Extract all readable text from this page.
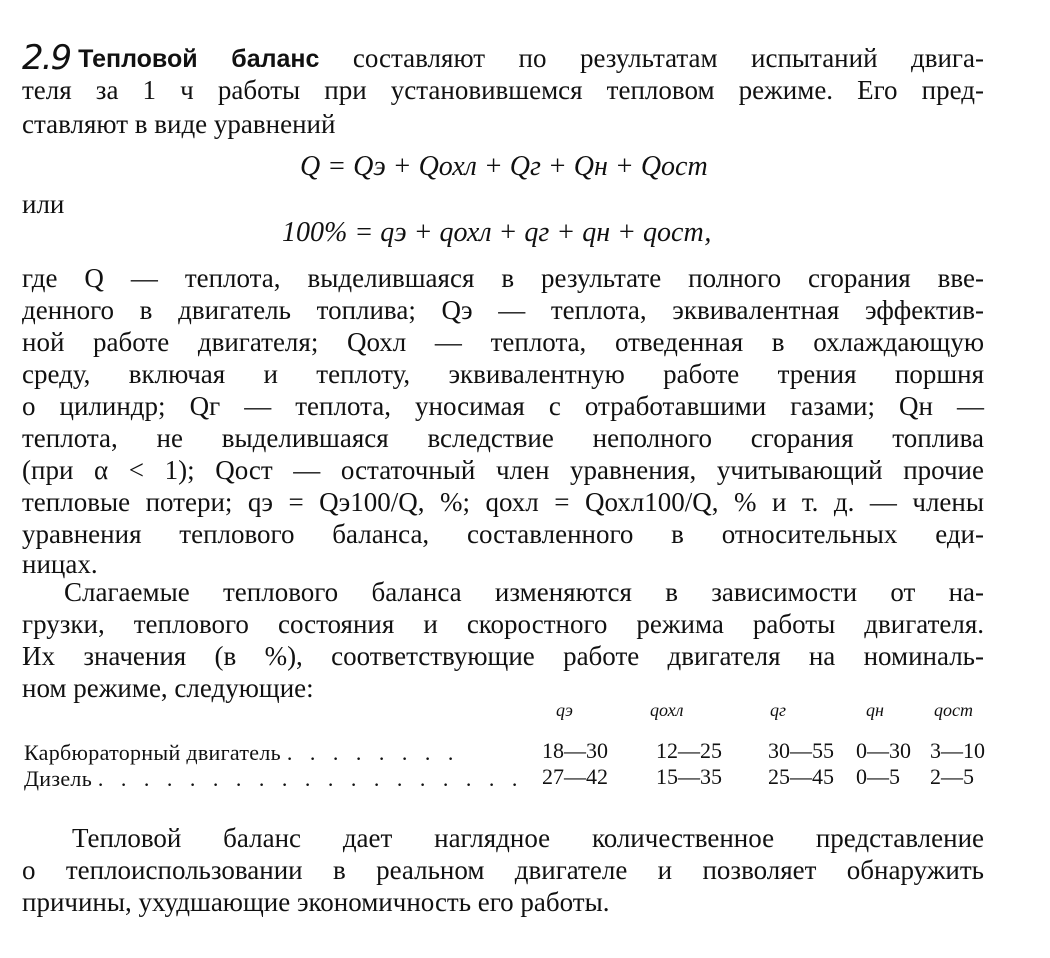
2.9 Тепловой баланс составляют по результатам испытаний двига-
теля за 1 ч работы при установившемся тепловом режиме. Его пред-
ставляют в виде уравнений
Q = Qэ + Qохл + Qг + Qн + Qост
или
100% = qэ + qохл + qг + qн + qост,
где Q — теплота, выделившаяся в результате полного сгорания вве-
денного в двигатель топлива; Qэ — теплота, эквивалентная эффектив-
ной работе двигателя; Qохл — теплота, отведенная в охлаждающую
среду, включая и теплоту, эквивалентную работе трения поршня
о цилиндр; Qг — теплота, уносимая с отработавшими газами; Qн —
теплота, не выделившаяся вследствие неполного сгорания топлива
(при α < 1); Qост — остаточный член уравнения, учитывающий прочие
тепловые потери; qэ = Qэ100/Q, %; qохл = Qохл100/Q, % и т. д. — члены
уравнения теплового баланса, составленного в относительных еди-
ницах.
Слагаемые теплового баланса изменяются в зависимости от на-
грузки, теплового состояния и скоростного режима работы двигателя.
Их значения (в %), соответствующие работе двигателя на номиналь-
ном режиме, следующие:
qэ	qохл	qг	qн	qост
Карбюраторный двигатель . . . . . . . .	18—30 12—25 30—55 0—30 3—10
Дизель . . . . . . . . . . . . . . . . . . . 27—42 15—35 25—45 0—5 2—5
Тепловой баланс дает наглядное количественное представление
о теплоиспользовании в реальном двигателе и позволяет обнаружить
причины, ухудшающие экономичность его работы.
